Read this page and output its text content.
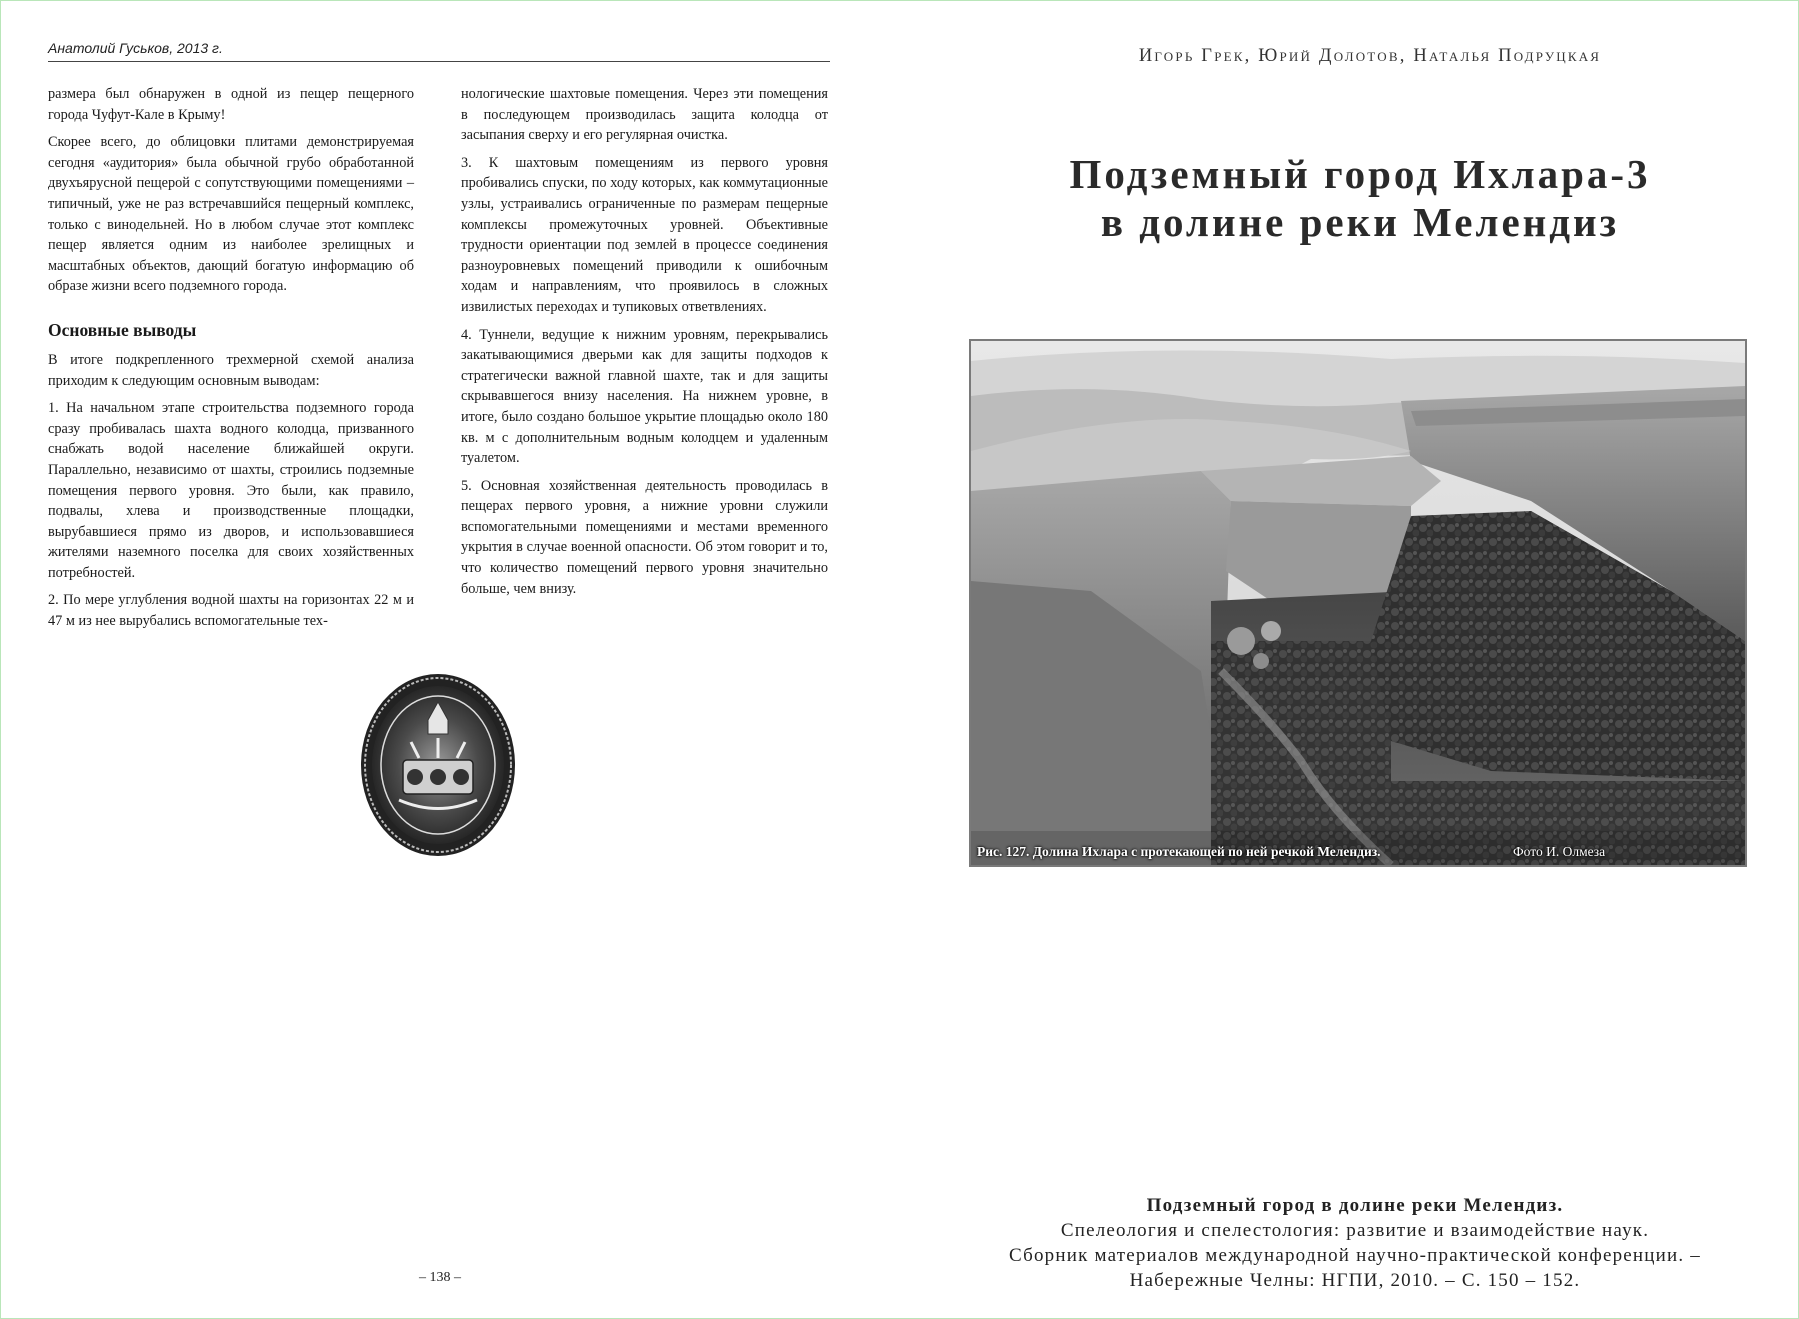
Анатолий Гуськов, 2013 г.

размера был обнаружен в одной из пещер пещерного города Чуфут-Кале в Крыму!

Скорее всего, до облицовки плитами демонстрируемая сегодня «аудитория» была обычной грубо обработанной двухъярусной пещерой с сопутствующими помещениями – типичный, уже не раз встречавшийся пещерный комплекс, только с винодельней. Но в любом случае этот комплекс пещер является одним из наиболее зрелищных и масштабных объектов, дающий богатую информацию об образе жизни всего подземного города.

Основные выводы

В итоге подкрепленного трехмерной схемой анализа приходим к следующим основным выводам:

1. На начальном этапе строительства подземного города сразу пробивалась шахта водного колодца, призванного снабжать водой население ближайшей округи. Параллельно, независимо от шахты, строились подземные помещения первого уровня. Это были, как правило, подвалы, хлева и производственные площадки, вырубавшиеся прямо из дворов, и использовавшиеся жителями наземного поселка для своих хозяйственных потребностей.

2. По мере углубления водной шахты на горизонтах 22 м и 47 м из нее вырубались вспомогательные тех-

нологические шахтовые помещения. Через эти помещения в последующем производилась защита колодца от засыпания сверху и его регулярная очистка.

3. К шахтовым помещениям из первого уровня пробивались спуски, по ходу которых, как коммутационные узлы, устраивались ограниченные по размерам пещерные комплексы промежуточных уровней. Объективные трудности ориентации под землей в процессе соединения разноуровневых помещений приводили к ошибочным ходам и направлениям, что проявилось в сложных извилистых переходах и тупиковых ответвлениях.

4. Туннели, ведущие к нижним уровням, перекрывались закатывающимися дверьми как для защиты подходов к стратегически важной главной шахте, так и для защиты скрывавшегося внизу населения. На нижнем уровне, в итоге, было создано большое укрытие площадью около 180 кв. м с дополнительным водным колодцем и удаленным туалетом.

5. Основная хозяйственная деятельность проводилась в пещерах первого уровня, а нижние уровни служили вспомогательными помещениями и местами временного укрытия в случае военной опасности. Об этом говорит и то, что количество помещений первого уровня значительно больше, чем внизу.

– 138 –
Игорь Грек, Юрий Долотов, Наталья Подруцкая
Подземный город Ихлара-3
в долине реки Мелендиз
Рис. 127. Долина Ихлара с протекающей по ней речкой Мелендиз.	Фото И. Олмеза
Подземный город в долине реки Мелендиз.
Спелеология и спелестология: развитие и взаимодействие наук.
Сборник материалов международной научно-практической конференции. –
Набережные Челны: НГПИ, 2010. – С. 150 – 152.
